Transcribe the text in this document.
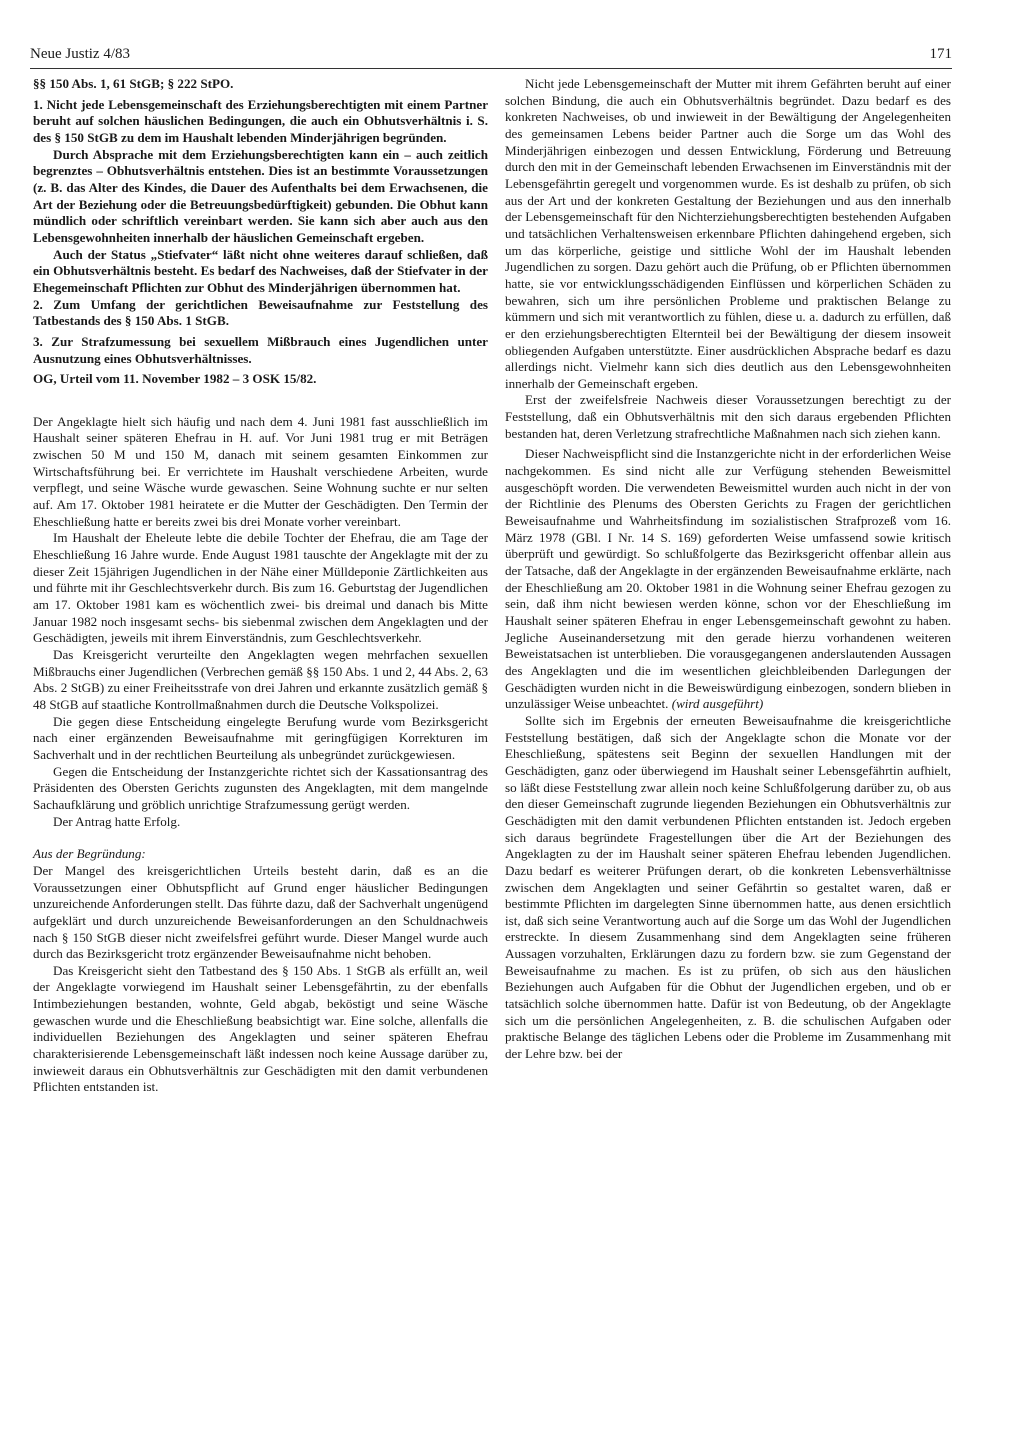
Neue Justiz 4/83	171

§§ 150 Abs. 1, 61 StGB; § 222 StPO.

1. Nicht jede Lebensgemeinschaft des Erziehungsberechtigten mit einem Partner beruht auf solchen häuslichen Bedingungen, die auch ein Obhutsverhältnis i. S. des § 150 StGB zu dem im Haushalt lebenden Minderjährigen begründen.

Durch Absprache mit dem Erziehungsberechtigten kann ein – auch zeitlich begrenztes – Obhutsverhältnis entstehen. Dies ist an bestimmte Voraussetzungen (z. B. das Alter des Kindes, die Dauer des Aufenthalts bei dem Erwachsenen, die Art der Beziehung oder die Betreuungsbedürftigkeit) gebunden. Die Obhut kann mündlich oder schriftlich vereinbart werden. Sie kann sich aber auch aus den Lebensgewohnheiten innerhalb der häuslichen Gemeinschaft ergeben.

Auch der Status „Stiefvater“ läßt nicht ohne weiteres darauf schließen, daß ein Obhutsverhältnis besteht. Es bedarf des Nachweises, daß der Stiefvater in der Ehegemeinschaft Pflichten zur Obhut des Minderjährigen übernommen hat.

2. Zum Umfang der gerichtlichen Beweisaufnahme zur Feststellung des Tatbestands des § 150 Abs. 1 StGB.

3. Zur Strafzumessung bei sexuellem Mißbrauch eines Jugendlichen unter Ausnutzung eines Obhutsverhältnisses.

OG, Urteil vom 11. November 1982 – 3 OSK 15/82.

Der Angeklagte hielt sich häufig und nach dem 4. Juni 1981 fast ausschließlich im Haushalt seiner späteren Ehefrau in H. auf. Vor Juni 1981 trug er mit Beträgen zwischen 50 M und 150 M, danach mit seinem gesamten Einkommen zur Wirtschaftsführung bei. Er verrichtete im Haushalt verschiedene Arbeiten, wurde verpflegt, und seine Wäsche wurde gewaschen. Seine Wohnung suchte er nur selten auf. Am 17. Oktober 1981 heiratete er die Mutter der Geschädigten. Den Termin der Eheschließung hatte er bereits zwei bis drei Monate vorher vereinbart.

Im Haushalt der Eheleute lebte die debile Tochter der Ehefrau, die am Tage der Eheschließung 16 Jahre wurde. Ende August 1981 tauschte der Angeklagte mit der zu dieser Zeit 15jährigen Jugendlichen in der Nähe einer Mülldeponie Zärtlichkeiten aus und führte mit ihr Geschlechtsverkehr durch. Bis zum 16. Geburtstag der Jugendlichen am 17. Oktober 1981 kam es wöchentlich zwei- bis dreimal und danach bis Mitte Januar 1982 noch insgesamt sechs- bis siebenmal zwischen dem Angeklagten und der Geschädigten, jeweils mit ihrem Einverständnis, zum Geschlechtsverkehr.

Das Kreisgericht verurteilte den Angeklagten wegen mehrfachen sexuellen Mißbrauchs einer Jugendlichen (Verbrechen gemäß §§ 150 Abs. 1 und 2, 44 Abs. 2, 63 Abs. 2 StGB) zu einer Freiheitsstrafe von drei Jahren und erkannte zusätzlich gemäß § 48 StGB auf staatliche Kontrollmaßnahmen durch die Deutsche Volkspolizei.

Die gegen diese Entscheidung eingelegte Berufung wurde vom Bezirksgericht nach einer ergänzenden Beweisaufnahme mit geringfügigen Korrekturen im Sachverhalt und in der rechtlichen Beurteilung als unbegründet zurückgewiesen.

Gegen die Entscheidung der Instanzgerichte richtet sich der Kassationsantrag des Präsidenten des Obersten Gerichts zugunsten des Angeklagten, mit dem mangelnde Sachaufklärung und gröblich unrichtige Strafzumessung gerügt werden.

Der Antrag hatte Erfolg.

Aus der Begründung:

Der Mangel des kreisgerichtlichen Urteils besteht darin, daß es an die Voraussetzungen einer Obhutspflicht auf Grund enger häuslicher Bedingungen unzureichende Anforderungen stellt. Das führte dazu, daß der Sachverhalt ungenügend aufgeklärt und durch unzureichende Beweisanforderungen an den Schuldnachweis nach § 150 StGB dieser nicht zweifelsfrei geführt wurde. Dieser Mangel wurde auch durch das Bezirksgericht trotz ergänzender Beweisaufnahme nicht behoben.

Das Kreisgericht sieht den Tatbestand des § 150 Abs. 1 StGB als erfüllt an, weil der Angeklagte vorwiegend im Haushalt seiner Lebensgefährtin, zu der ebenfalls Intimbeziehungen bestanden, wohnte, Geld abgab, beköstigt und seine Wäsche gewaschen wurde und die Eheschließung beabsichtigt war. Eine solche, allenfalls die individuellen Beziehungen des Angeklagten und seiner späteren Ehefrau charakterisierende Lebensgemeinschaft läßt indessen noch keine Aussage darüber zu, inwieweit daraus ein Obhutsverhältnis zur Geschädigten mit den damit verbundenen Pflichten entstanden ist.

Nicht jede Lebensgemeinschaft der Mutter mit ihrem Gefährten beruht auf einer solchen Bindung, die auch ein Obhutsverhältnis begründet. Dazu bedarf es des konkreten Nachweises, ob und inwieweit in der Bewältigung der Angelegenheiten des gemeinsamen Lebens beider Partner auch die Sorge um das Wohl des Minderjährigen einbezogen und dessen Entwicklung, Förderung und Betreuung durch den mit in der Gemeinschaft lebenden Erwachsenen im Einverständnis mit der Lebensgefährtin geregelt und vorgenommen wurde. Es ist deshalb zu prüfen, ob sich aus der Art und der konkreten Gestaltung der Beziehungen und aus den innerhalb der Lebensgemeinschaft für den Nichterziehungsberechtigten bestehenden Aufgaben und tatsächlichen Verhaltensweisen erkennbare Pflichten dahingehend ergeben, sich um das körperliche, geistige und sittliche Wohl der im Haushalt lebenden Jugendlichen zu sorgen. Dazu gehört auch die Prüfung, ob er Pflichten übernommen hatte, sie vor entwicklungsschädigenden Einflüssen und körperlichen Schäden zu bewahren, sich um ihre persönlichen Probleme und praktischen Belange zu kümmern und sich mit verantwortlich zu fühlen, diese u. a. dadurch zu erfüllen, daß er den erziehungsberechtigten Elternteil bei der Bewältigung der diesem insoweit obliegenden Aufgaben unterstützte. Einer ausdrücklichen Absprache bedarf es dazu allerdings nicht. Vielmehr kann sich dies deutlich aus den Lebensgewohnheiten innerhalb der Gemeinschaft ergeben.

Erst der zweifelsfreie Nachweis dieser Voraussetzungen berechtigt zu der Feststellung, daß ein Obhutsverhältnis mit den sich daraus ergebenden Pflichten bestanden hat, deren Verletzung strafrechtliche Maßnahmen nach sich ziehen kann.

Dieser Nachweispflicht sind die Instanzgerichte nicht in der erforderlichen Weise nachgekommen. Es sind nicht alle zur Verfügung stehenden Beweismittel ausgeschöpft worden. Die verwendeten Beweismittel wurden auch nicht in der von der Richtlinie des Plenums des Obersten Gerichts zu Fragen der gerichtlichen Beweisaufnahme und Wahrheitsfindung im sozialistischen Strafprozeß vom 16. März 1978 (GBl. I Nr. 14 S. 169) geforderten Weise umfassend sowie kritisch überprüft und gewürdigt. So schlußfolgerte das Bezirksgericht offenbar allein aus der Tatsache, daß der Angeklagte in der ergänzenden Beweisaufnahme erklärte, nach der Eheschließung am 20. Oktober 1981 in die Wohnung seiner Ehefrau gezogen zu sein, daß ihm nicht bewiesen werden könne, schon vor der Eheschließung im Haushalt seiner späteren Ehefrau in enger Lebensgemeinschaft gewohnt zu haben. Jegliche Auseinandersetzung mit den gerade hierzu vorhandenen weiteren Beweistatsachen ist unterblieben. Die vorausgegangenen anderslautenden Aussagen des Angeklagten und die im wesentlichen gleichbleibenden Darlegungen der Geschädigten wurden nicht in die Beweiswürdigung einbezogen, sondern blieben in unzulässiger Weise unbeachtet. (wird ausgeführt)

Sollte sich im Ergebnis der erneuten Beweisaufnahme die kreisgerichtliche Feststellung bestätigen, daß sich der Angeklagte schon die Monate vor der Eheschließung, spätestens seit Beginn der sexuellen Handlungen mit der Geschädigten, ganz oder überwiegend im Haushalt seiner Lebensgefährtin aufhielt, so läßt diese Feststellung zwar allein noch keine Schlußfolgerung darüber zu, ob aus den dieser Gemeinschaft zugrunde liegenden Beziehungen ein Obhutsverhältnis zur Geschädigten mit den damit verbundenen Pflichten entstanden ist. Jedoch ergeben sich daraus begründete Fragestellungen über die Art der Beziehungen des Angeklagten zu der im Haushalt seiner späteren Ehefrau lebenden Jugendlichen. Dazu bedarf es weiterer Prüfungen derart, ob die konkreten Lebensverhältnisse zwischen dem Angeklagten und seiner Gefährtin so gestaltet waren, daß er bestimmte Pflichten im dargelegten Sinne übernommen hatte, aus denen ersichtlich ist, daß sich seine Verantwortung auch auf die Sorge um das Wohl der Jugendlichen erstreckte. In diesem Zusammenhang sind dem Angeklagten seine früheren Aussagen vorzuhalten, Erklärungen dazu zu fordern bzw. sie zum Gegenstand der Beweisaufnahme zu machen. Es ist zu prüfen, ob sich aus den häuslichen Beziehungen auch Aufgaben für die Obhut der Jugendlichen ergeben, und ob er tatsächlich solche übernommen hatte. Dafür ist von Bedeutung, ob der Angeklagte sich um die persönlichen Angelegenheiten, z. B. die schulischen Aufgaben oder praktische Belange des täglichen Lebens oder die Probleme im Zusammenhang mit der Lehre bzw. bei der
